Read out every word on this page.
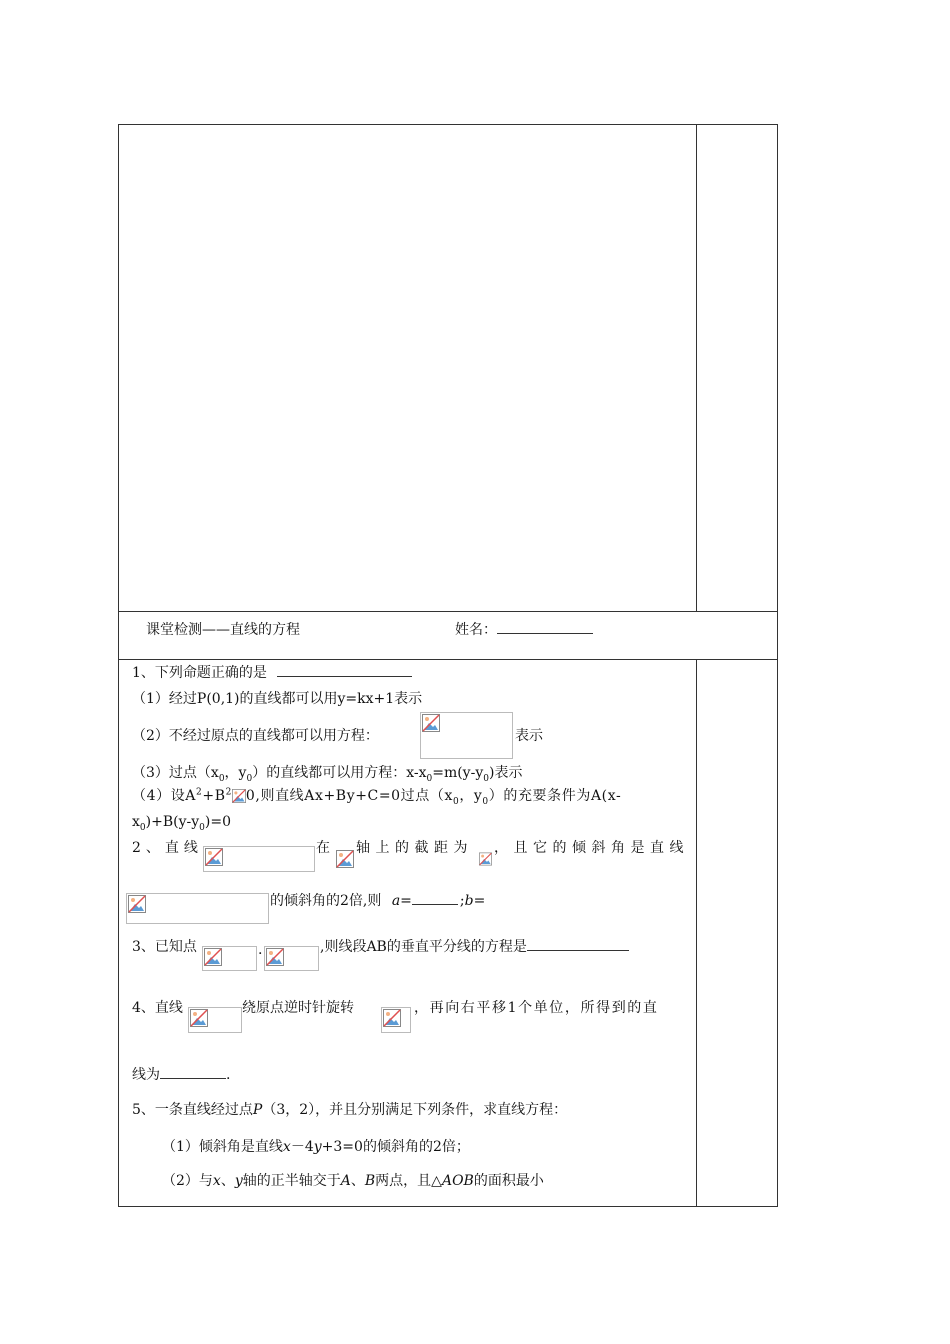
课堂检测——直线的方程	姓名：
1、下列命题正确的是
（1）经过P(0,1)的直线都可以用y=kx+1表示
（2）不经过原点的直线都可以用方程：	表示
（3）过点（$x_0$，$y_0$）的直线都可以用方程：$x-x_0=m(y-y_0)$表示
（4）设$A^2+B^2$ 0,则直线Ax+By+C=0过点（$x_0$，$y_0$）的充要条件为A(x-
$x_0)+B(y-y_0)=0$
2、直线	在 轴上的截距为 ，且它的倾斜角是直线
的倾斜角的2倍,则 a=	;b=
3、已知点	.	,则线段AB的垂直平分线的方程是
4、直线	绕原点逆时针旋转	，再向右平移1个单位，所得到的直
线为	.
5、一条直线经过点P（3，2），并且分别满足下列条件，求直线方程：
（1）倾斜角是直线x－4y+3=0的倾斜角的2倍；
（2）与x、y轴的正半轴交于A、B两点，且△AOB的面积最小
